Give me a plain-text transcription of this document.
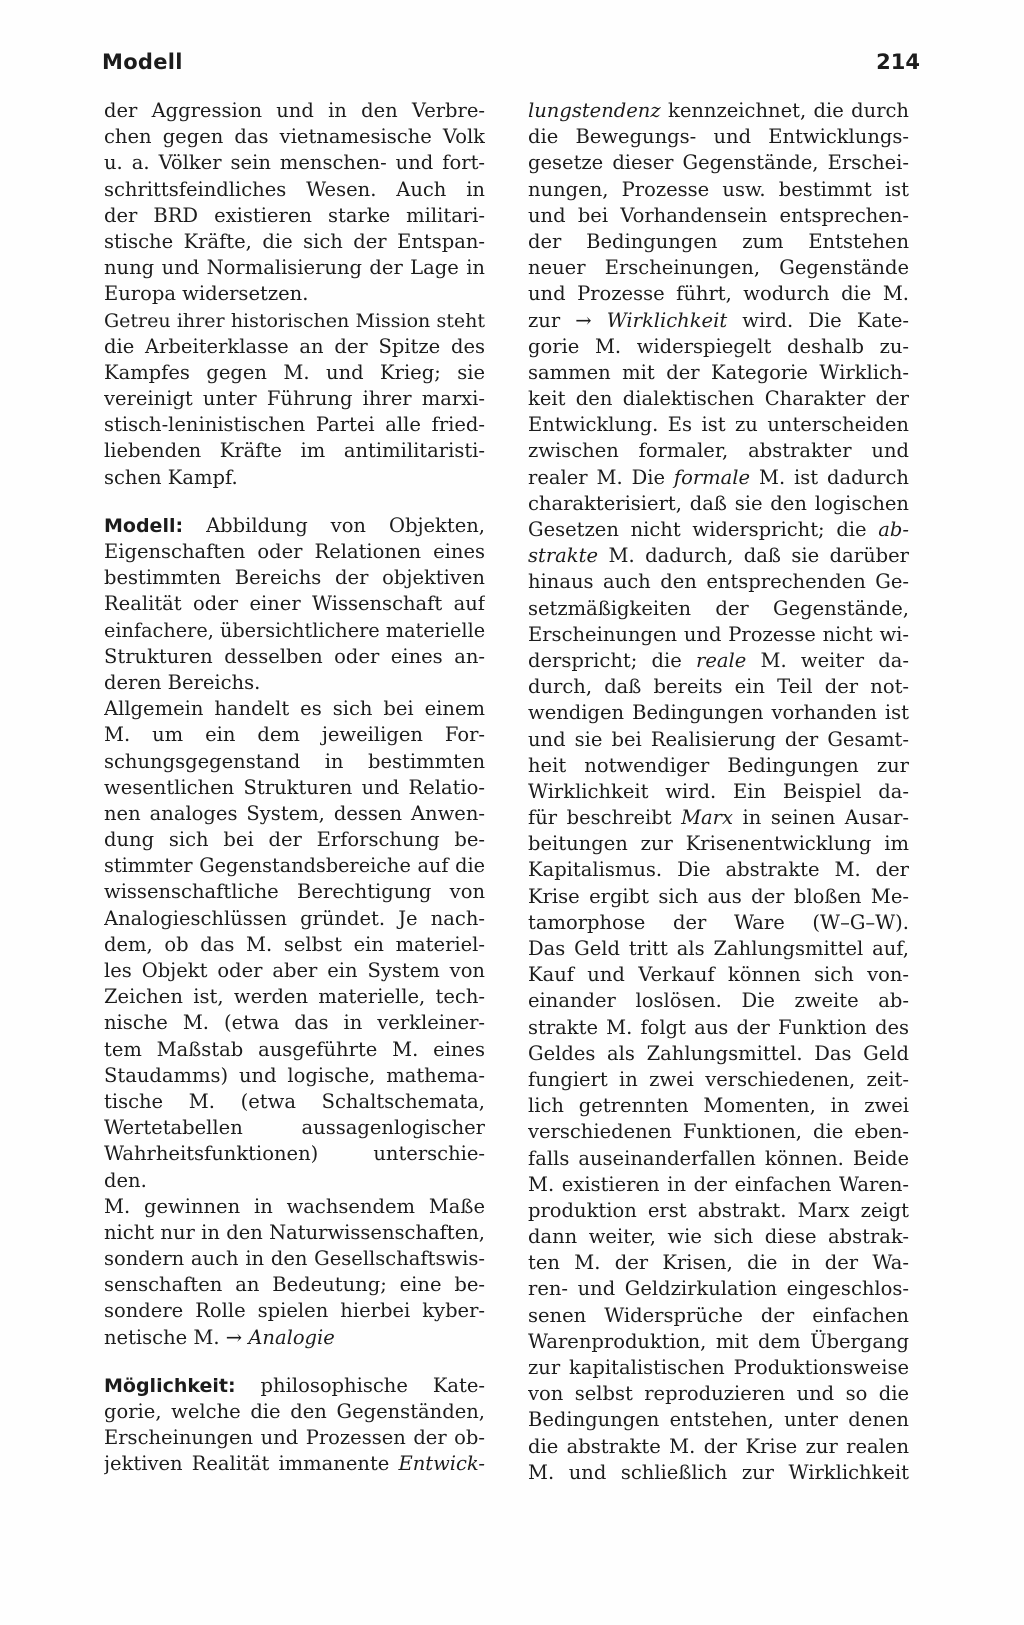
Modell	214
der Aggression und in den Verbre-
chen gegen das vietnamesische Volk
u. a. Völker sein menschen- und fort-
schrittsfeindliches Wesen. Auch in
der BRD existieren starke militari-
stische Kräfte, die sich der Entspan-
nung und Normalisierung der Lage in
Europa widersetzen.
Getreu ihrer historischen Mission steht
die Arbeiterklasse an der Spitze des
Kampfes gegen M. und Krieg; sie
vereinigt unter Führung ihrer marxi-
stisch-leninistischen Partei alle fried-
liebenden Kräfte im antimilitaristi-
schen Kampf.
Modell: Abbildung von Objekten,
Eigenschaften oder Relationen eines
bestimmten Bereichs der objektiven
Realität oder einer Wissenschaft auf
einfachere, übersichtlichere materielle
Strukturen desselben oder eines an-
deren Bereichs.
Allgemein handelt es sich bei einem
M. um ein dem jeweiligen For-
schungsgegenstand in bestimmten
wesentlichen Strukturen und Relatio-
nen analoges System, dessen Anwen-
dung sich bei der Erforschung be-
stimmter Gegenstandsbereiche auf die
wissenschaftliche Berechtigung von
Analogieschlüssen gründet. Je nach-
dem, ob das M. selbst ein materiel-
les Objekt oder aber ein System von
Zeichen ist, werden materielle, tech-
nische M. (etwa das in verkleiner-
tem Maßstab ausgeführte M. eines
Staudamms) und logische, mathema-
tische M. (etwa Schaltschemata,
Wertetabellen aussagenlogischer
Wahrheitsfunktionen) unterschie-
den.
M. gewinnen in wachsendem Maße
nicht nur in den Naturwissenschaften,
sondern auch in den Gesellschaftswis-
senschaften an Bedeutung; eine be-
sondere Rolle spielen hierbei kyber-
netische M. → Analogie
Möglichkeit: philosophische Kate-
gorie, welche die den Gegenständen,
Erscheinungen und Prozessen der ob-
jektiven Realität immanente Entwick-
lungstendenz kennzeichnet, die durch
die Bewegungs- und Entwicklungs-
gesetze dieser Gegenstände, Erschei-
nungen, Prozesse usw. bestimmt ist
und bei Vorhandensein entsprechen-
der Bedingungen zum Entstehen
neuer Erscheinungen, Gegenstände
und Prozesse führt, wodurch die M.
zur → Wirklichkeit wird. Die Kate-
gorie M. widerspiegelt deshalb zu-
sammen mit der Kategorie Wirklich-
keit den dialektischen Charakter der
Entwicklung. Es ist zu unterscheiden
zwischen formaler, abstrakter und
realer M. Die formale M. ist dadurch
charakterisiert, daß sie den logischen
Gesetzen nicht widerspricht; die ab-
strakte M. dadurch, daß sie darüber
hinaus auch den entsprechenden Ge-
setzmäßigkeiten der Gegenstände,
Erscheinungen und Prozesse nicht wi-
derspricht; die reale M. weiter da-
durch, daß bereits ein Teil der not-
wendigen Bedingungen vorhanden ist
und sie bei Realisierung der Gesamt-
heit notwendiger Bedingungen zur
Wirklichkeit wird. Ein Beispiel da-
für beschreibt Marx in seinen Ausar-
beitungen zur Krisenentwicklung im
Kapitalismus. Die abstrakte M. der
Krise ergibt sich aus der bloßen Me-
tamorphose der Ware (W–G–W).
Das Geld tritt als Zahlungsmittel auf,
Kauf und Verkauf können sich von-
einander loslösen. Die zweite ab-
strakte M. folgt aus der Funktion des
Geldes als Zahlungsmittel. Das Geld
fungiert in zwei verschiedenen, zeit-
lich getrennten Momenten, in zwei
verschiedenen Funktionen, die eben-
falls auseinanderfallen können. Beide
M. existieren in der einfachen Waren-
produktion erst abstrakt. Marx zeigt
dann weiter, wie sich diese abstrak-
ten M. der Krisen, die in der Wa-
ren- und Geldzirkulation eingeschlos-
senen Widersprüche der einfachen
Warenproduktion, mit dem Übergang
zur kapitalistischen Produktionsweise
von selbst reproduzieren und so die
Bedingungen entstehen, unter denen
die abstrakte M. der Krise zur realen
M. und schließlich zur Wirklichkeit
